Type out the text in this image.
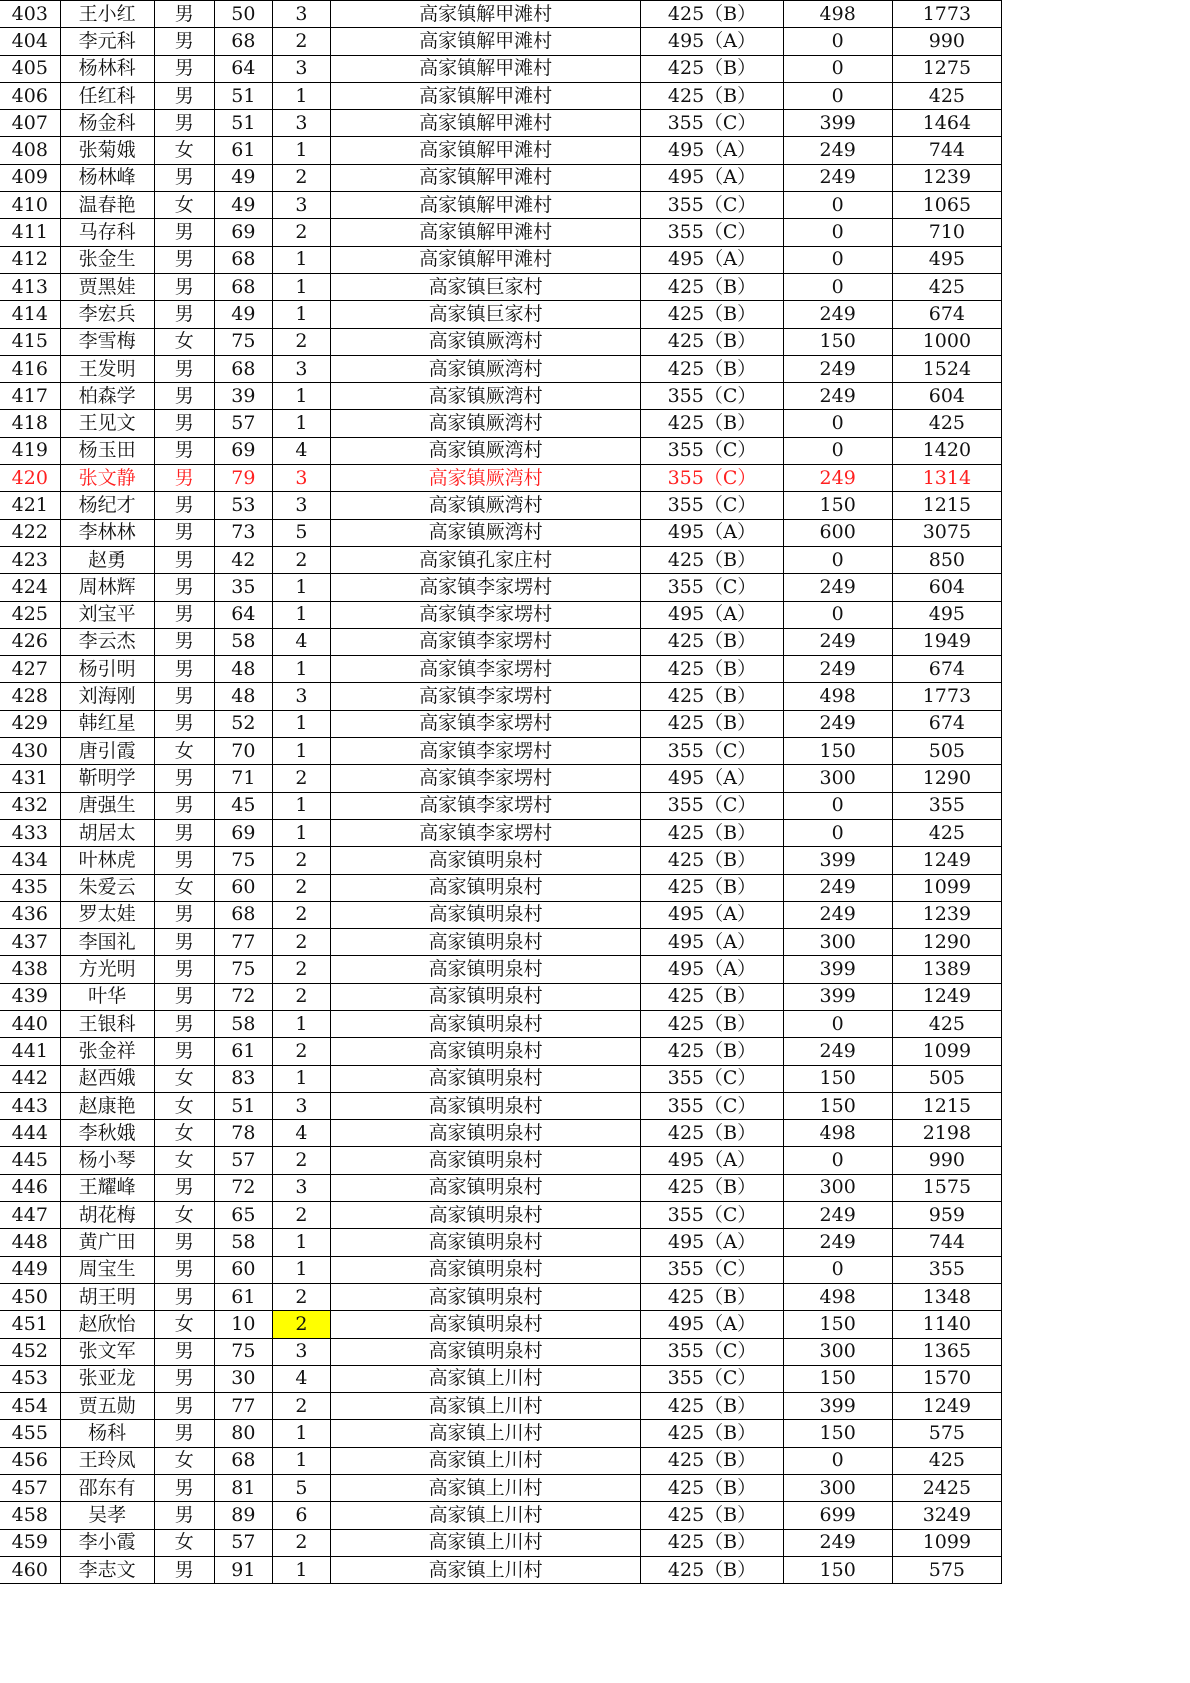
403	王小红	男	50	3	高家镇解甲滩村	425（B）	498	1773
404	李元科	男	68	2	高家镇解甲滩村	495（A）	0	990
405	杨林科	男	64	3	高家镇解甲滩村	425（B）	0	1275
406	任红科	男	51	1	高家镇解甲滩村	425（B）	0	425
407	杨金科	男	51	3	高家镇解甲滩村	355（C）	399	1464
408	张菊娥	女	61	1	高家镇解甲滩村	495（A）	249	744
409	杨林峰	男	49	2	高家镇解甲滩村	495（A）	249	1239
410	温春艳	女	49	3	高家镇解甲滩村	355（C）	0	1065
411	马存科	男	69	2	高家镇解甲滩村	355（C）	0	710
412	张金生	男	68	1	高家镇解甲滩村	495（A）	0	495
413	贾黑娃	男	68	1	高家镇巨家村	425（B）	0	425
414	李宏兵	男	49	1	高家镇巨家村	425（B）	249	674
415	李雪梅	女	75	2	高家镇厥湾村	425（B）	150	1000
416	王发明	男	68	3	高家镇厥湾村	425（B）	249	1524
417	柏森学	男	39	1	高家镇厥湾村	355（C）	249	604
418	王见文	男	57	1	高家镇厥湾村	425（B）	0	425
419	杨玉田	男	69	4	高家镇厥湾村	355（C）	0	1420
420	张文静	男	79	3	高家镇厥湾村	355（C）	249	1314
421	杨纪才	男	53	3	高家镇厥湾村	355（C）	150	1215
422	李林林	男	73	5	高家镇厥湾村	495（A）	600	3075
423	赵勇	男	42	2	高家镇孔家庄村	425（B）	0	850
424	周林辉	男	35	1	高家镇李家塄村	355（C）	249	604
425	刘宝平	男	64	1	高家镇李家塄村	495（A）	0	495
426	李云杰	男	58	4	高家镇李家塄村	425（B）	249	1949
427	杨引明	男	48	1	高家镇李家塄村	425（B）	249	674
428	刘海刚	男	48	3	高家镇李家塄村	425（B）	498	1773
429	韩红星	男	52	1	高家镇李家塄村	425（B）	249	674
430	唐引霞	女	70	1	高家镇李家塄村	355（C）	150	505
431	靳明学	男	71	2	高家镇李家塄村	495（A）	300	1290
432	唐强生	男	45	1	高家镇李家塄村	355（C）	0	355
433	胡居太	男	69	1	高家镇李家塄村	425（B）	0	425
434	叶林虎	男	75	2	高家镇明泉村	425（B）	399	1249
435	朱爱云	女	60	2	高家镇明泉村	425（B）	249	1099
436	罗太娃	男	68	2	高家镇明泉村	495（A）	249	1239
437	李国礼	男	77	2	高家镇明泉村	495（A）	300	1290
438	方光明	男	75	2	高家镇明泉村	495（A）	399	1389
439	叶华	男	72	2	高家镇明泉村	425（B）	399	1249
440	王银科	男	58	1	高家镇明泉村	425（B）	0	425
441	张金祥	男	61	2	高家镇明泉村	425（B）	249	1099
442	赵西娥	女	83	1	高家镇明泉村	355（C）	150	505
443	赵康艳	女	51	3	高家镇明泉村	355（C）	150	1215
444	李秋娥	女	78	4	高家镇明泉村	425（B）	498	2198
445	杨小琴	女	57	2	高家镇明泉村	495（A）	0	990
446	王耀峰	男	72	3	高家镇明泉村	425（B）	300	1575
447	胡花梅	女	65	2	高家镇明泉村	355（C）	249	959
448	黄广田	男	58	1	高家镇明泉村	495（A）	249	744
449	周宝生	男	60	1	高家镇明泉村	355（C）	0	355
450	胡王明	男	61	2	高家镇明泉村	425（B）	498	1348
451	赵欣怡	女	10	2	高家镇明泉村	495（A）	150	1140
452	张文军	男	75	3	高家镇明泉村	355（C）	300	1365
453	张亚龙	男	30	4	高家镇上川村	355（C）	150	1570
454	贾五勋	男	77	2	高家镇上川村	425（B）	399	1249
455	杨科	男	80	1	高家镇上川村	425（B）	150	575
456	王玲凤	女	68	1	高家镇上川村	425（B）	0	425
457	邵东有	男	81	5	高家镇上川村	425（B）	300	2425
458	吴孝	男	89	6	高家镇上川村	425（B）	699	3249
459	李小霞	女	57	2	高家镇上川村	425（B）	249	1099
460	李志文	男	91	1	高家镇上川村	425（B）	150	575
